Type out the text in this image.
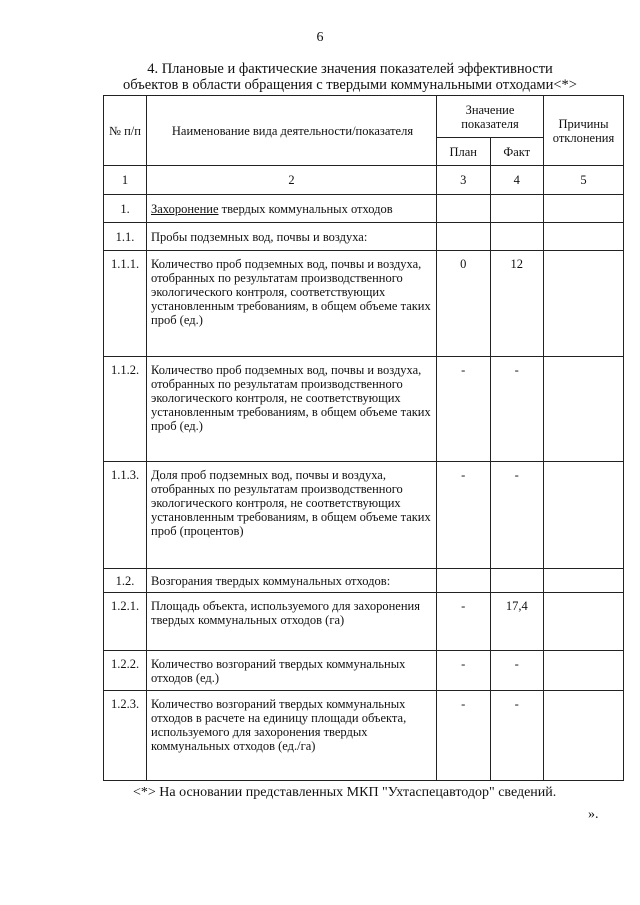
6
4. Плановые и фактические значения показателей эффективности
объектов в области обращения с твердыми коммунальными отходами<*>
№ п/п	Наименование вида деятельности/показателя	Значение показателя		Причины отклонения
		План	Факт	
1	2	3	4	5
1.	Захоронение твердых коммунальных отходов			
1.1.	Пробы подземных вод, почвы и воздуха:			
1.1.1.	Количество проб подземных вод, почвы и воздуха, отобранных по результатам производственного экологического контроля, соответствующих установленным требованиям, в общем объеме таких проб (ед.)	0	12	
1.1.2.	Количество проб подземных вод, почвы и воздуха, отобранных по результатам производственного экологического контроля, не соответствующих установленным требованиям, в общем объеме таких проб (ед.)	-	-	
1.1.3.	Доля проб подземных вод, почвы и воздуха, отобранных по результатам производственного экологического контроля, не соответствующих установленным требованиям, в общем объеме таких проб (процентов)	-	-	
1.2.	Возгорания твердых коммунальных отходов:			
1.2.1.	Площадь объекта, используемого для захоронения твердых коммунальных отходов (га)	-	17,4	
1.2.2.	Количество возгораний твердых коммунальных отходов (ед.)	-	-	
1.2.3.	Количество возгораний твердых коммунальных отходов в расчете на единицу площади объекта, используемого для захоронения твердых коммунальных отходов (ед./га)	-	-	
<*> На основании представленных МКП "Ухтаспецавтодор" сведений.
».
